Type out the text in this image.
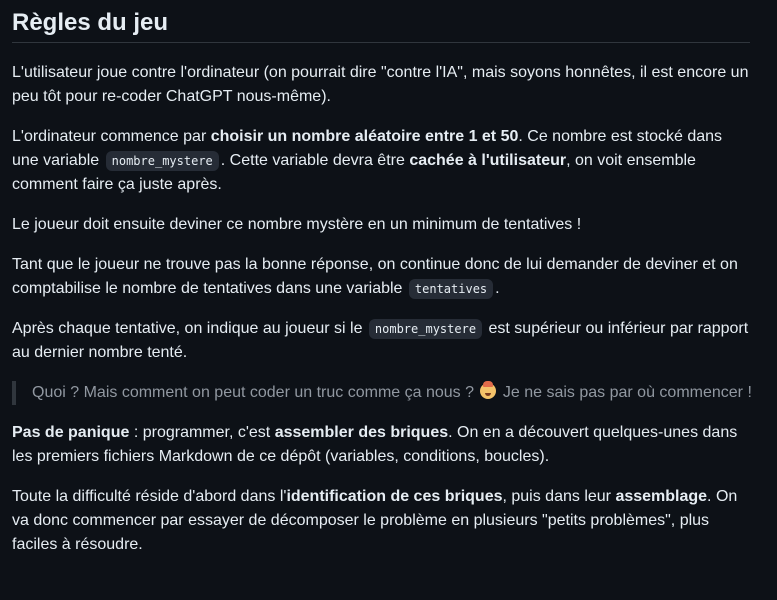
Règles du jeu

L'utilisateur joue contre l'ordinateur (on pourrait dire "contre l'IA", mais soyons honnêtes, il est encore un peu tôt pour re-coder ChatGPT nous-même).

L'ordinateur commence par choisir un nombre aléatoire entre 1 et 50. Ce nombre est stocké dans une variable nombre_mystere . Cette variable devra être cachée à l'utilisateur, on voit ensemble comment faire ça juste après.

Le joueur doit ensuite deviner ce nombre mystère en un minimum de tentatives !

Tant que le joueur ne trouve pas la bonne réponse, on continue donc de lui demander de deviner et on comptabilise le nombre de tentatives dans une variable tentatives .

Après chaque tentative, on indique au joueur si le nombre_mystere est supérieur ou inférieur par rapport au dernier nombre tenté.

Quoi ? Mais comment on peut coder un truc comme ça nous ?  Je ne sais pas par où commencer !

Pas de panique : programmer, c'est assembler des briques. On en a découvert quelques-unes dans les premiers fichiers Markdown de ce dépôt (variables, conditions, boucles).

Toute la difficulté réside d'abord dans l'identification de ces briques, puis dans leur assemblage. On va donc commencer par essayer de décomposer le problème en plusieurs "petits problèmes", plus faciles à résoudre.
